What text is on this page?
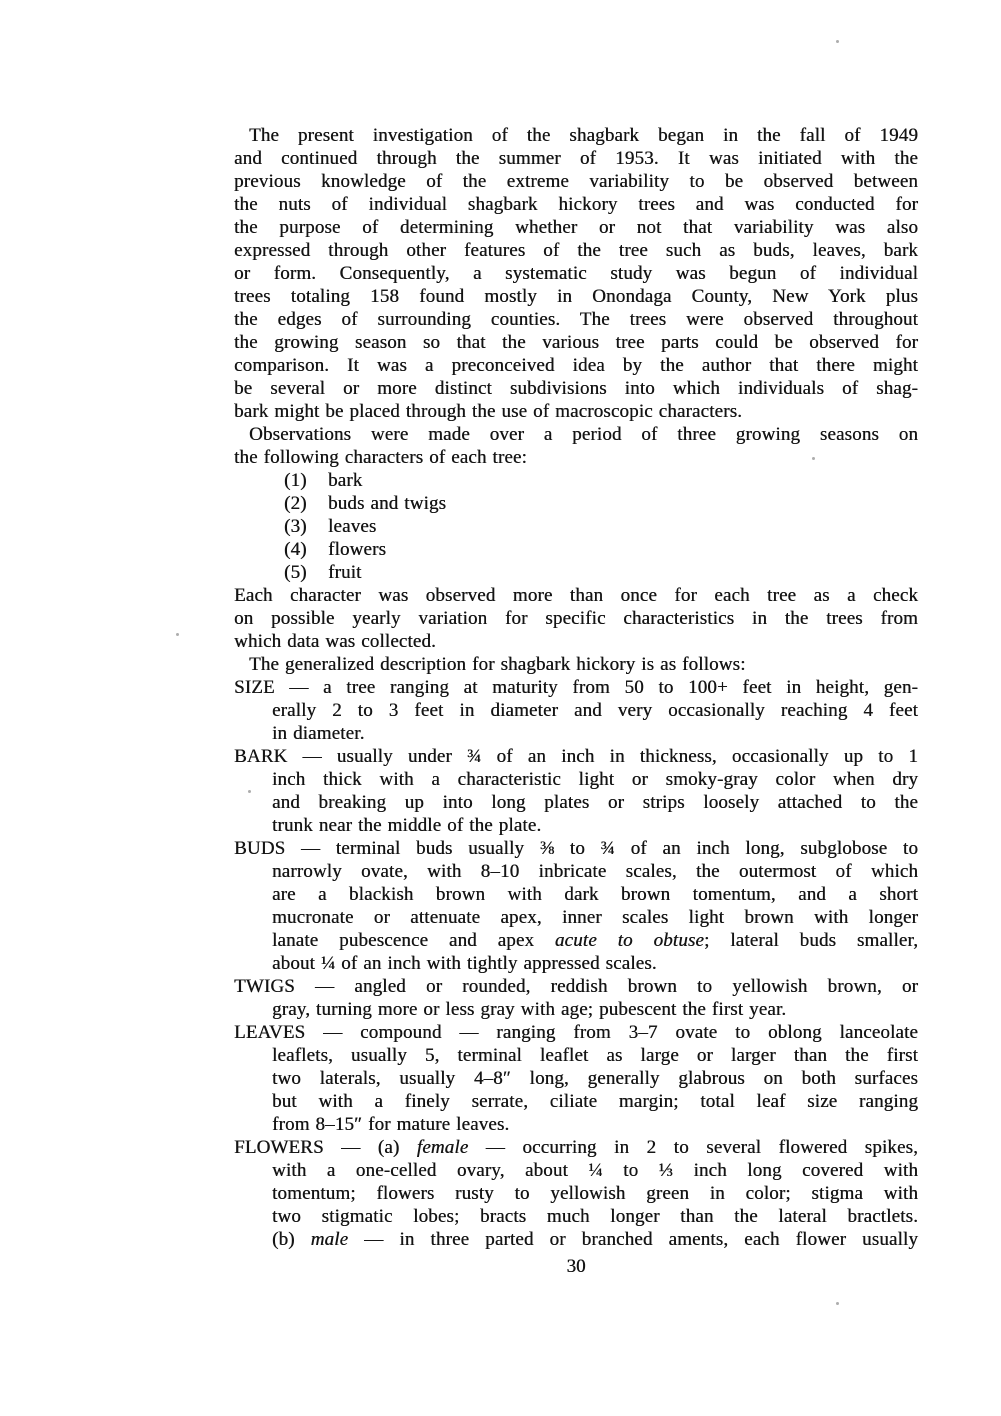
The present investigation of the shagbark began in the fall of 1949
and continued through the summer of 1953. It was initiated with the
previous knowledge of the extreme variability to be observed between
the nuts of individual shagbark hickory trees and was conducted for
the purpose of determining whether or not that variability was also
expressed through other features of the tree such as buds, leaves, bark
or form. Consequently, a systematic study was begun of individual
trees totaling 158 found mostly in Onondaga County, New York plus
the edges of surrounding counties. The trees were observed throughout
the growing season so that the various tree parts could be observed for
comparison. It was a preconceived idea by the author that there might
be several or more distinct subdivisions into which individuals of shag-
bark might be placed through the use of macroscopic characters.
Observations were made over a period of three growing seasons on
the following characters of each tree:
(1) bark
(2) buds and twigs
(3) leaves
(4) flowers
(5) fruit
Each character was observed more than once for each tree as a check
on possible yearly variation for specific characteristics in the trees from
which data was collected.
The generalized description for shagbark hickory is as follows:
SIZE — a tree ranging at maturity from 50 to 100+ feet in height, gen-
erally 2 to 3 feet in diameter and very occasionally reaching 4 feet
in diameter.
BARK — usually under ¾ of an inch in thickness, occasionally up to 1
inch thick with a characteristic light or smoky-gray color when dry
and breaking up into long plates or strips loosely attached to the
trunk near the middle of the plate.
BUDS — terminal buds usually ⅜ to ¾ of an inch long, subglobose to
narrowly ovate, with 8–10 inbricate scales, the outermost of which
are a blackish brown with dark brown tomentum, and a short
mucronate or attenuate apex, inner scales light brown with longer
lanate pubescence and apex acute to obtuse; lateral buds smaller,
about ¼ of an inch with tightly appressed scales.
TWIGS — angled or rounded, reddish brown to yellowish brown, or
gray, turning more or less gray with age; pubescent the first year.
LEAVES — compound — ranging from 3–7 ovate to oblong lanceolate
leaflets, usually 5, terminal leaflet as large or larger than the first
two laterals, usually 4–8″ long, generally glabrous on both surfaces
but with a finely serrate, ciliate margin; total leaf size ranging
from 8–15″ for mature leaves.
FLOWERS — (a) female — occurring in 2 to several flowered spikes,
with a one-celled ovary, about ¼ to ⅓ inch long covered with
tomentum; flowers rusty to yellowish green in color; stigma with
two stigmatic lobes; bracts much longer than the lateral bractlets.
(b) male — in three parted or branched aments, each flower usually
30
